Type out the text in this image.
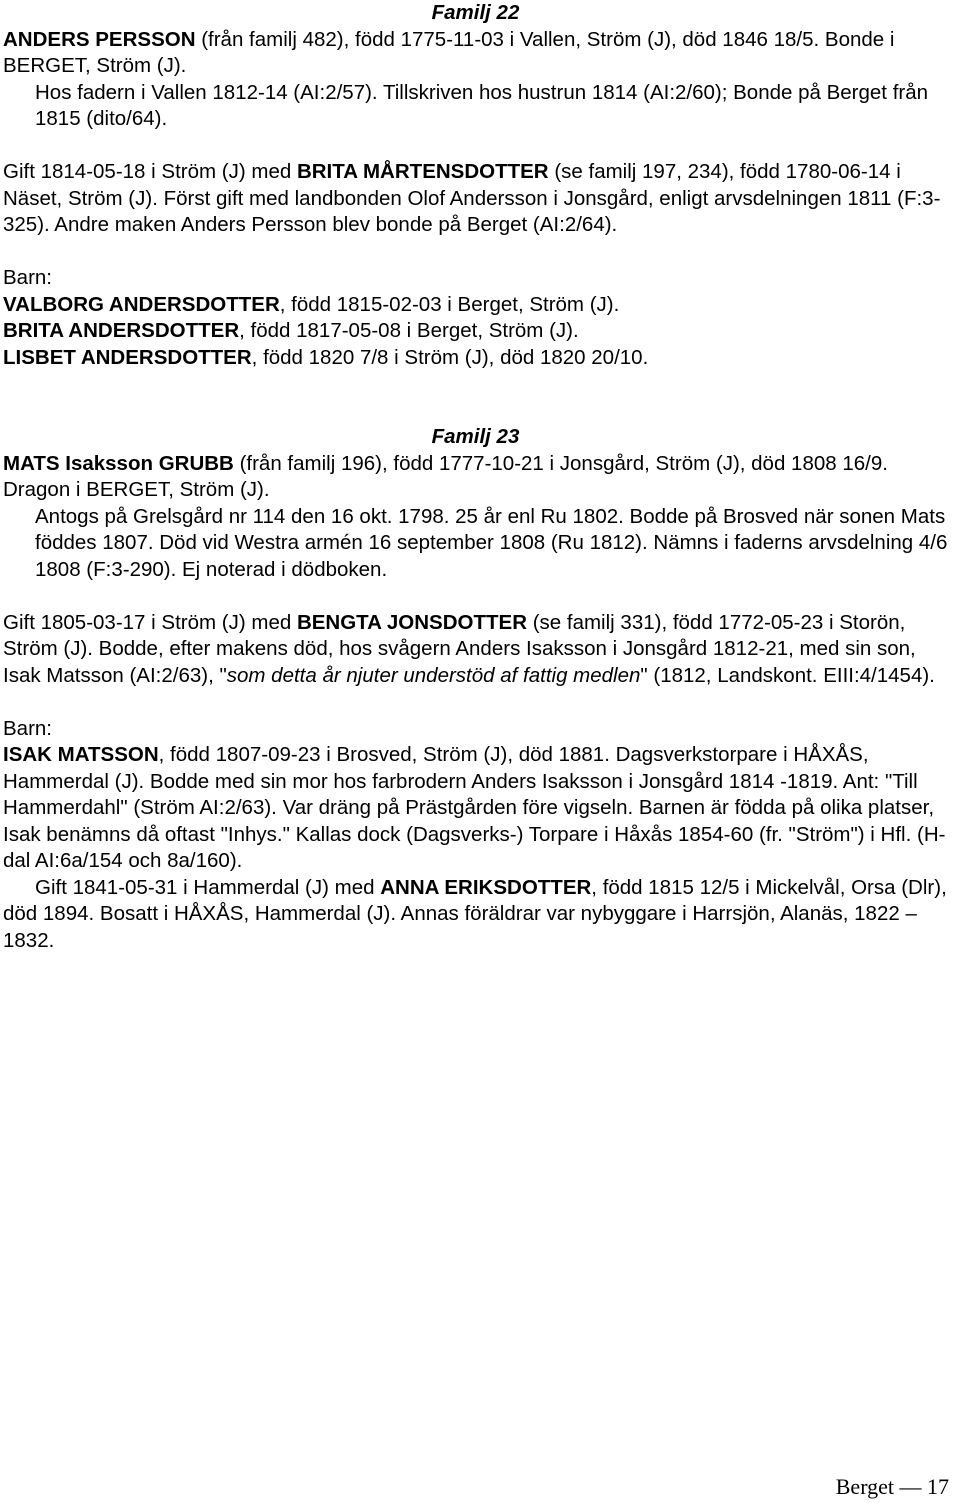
Familj 22

ANDERS PERSSON (från familj 482), född 1775-11-03 i Vallen, Ström (J), död 1846 18/5. Bonde i BERGET, Ström (J).

Hos fadern i Vallen 1812-14 (AI:2/57). Tillskriven hos hustrun 1814 (AI:2/60); Bonde på Berget från 1815 (dito/64).

Gift 1814-05-18 i Ström (J) med BRITA MÅRTENSDOTTER (se familj 197, 234), född 1780-06-14 i Näset, Ström (J). Först gift med landbonden Olof Andersson i Jonsgård, enligt arvsdelningen 1811 (F:3-325). Andre maken Anders Persson blev bonde på Berget (AI:2/64).

Barn:

VALBORG ANDERSDOTTER, född 1815-02-03 i Berget, Ström (J).

BRITA ANDERSDOTTER, född 1817-05-08 i Berget, Ström (J).

LISBET ANDERSDOTTER, född 1820 7/8 i Ström (J), död 1820 20/10.

Familj 23

MATS Isaksson GRUBB (från familj 196), född 1777-10-21 i Jonsgård, Ström (J), död 1808 16/9. Dragon i BERGET, Ström (J).

Antogs på Grelsgård nr 114 den 16 okt. 1798. 25 år enl Ru 1802. Bodde på Brosved när sonen Mats föddes 1807. Död vid Westra armén 16 september 1808 (Ru 1812). Nämns i faderns arvsdelning 4/6 1808 (F:3-290). Ej noterad i dödboken.

Gift 1805-03-17 i Ström (J) med BENGTA JONSDOTTER (se familj 331), född 1772-05-23 i Storön, Ström (J). Bodde, efter makens död, hos svågern Anders Isaksson i Jonsgård 1812-21, med sin son, Isak Matsson (AI:2/63), "som detta år njuter understöd af fattig medlen" (1812, Landskont. EIII:4/1454).

Barn:

ISAK MATSSON, född 1807-09-23 i Brosved, Ström (J), död 1881. Dagsverkstorpare i HÅXÅS, Hammerdal (J). Bodde med sin mor hos farbrodern Anders Isaksson i Jonsgård 1814 -1819. Ant: "Till Hammerdahl" (Ström AI:2/63). Var dräng på Prästgården före vigseln. Barnen är födda på olika platser, Isak benämns då oftast "Inhys." Kallas dock (Dagsverks-) Torpare i Håxås 1854-60 (fr. "Ström") i Hfl. (H-dal AI:6a/154 och 8a/160).

Gift 1841-05-31 i Hammerdal (J) med ANNA ERIKSDOTTER, född 1815 12/5 i Mickelvål, Orsa (Dlr), död 1894. Bosatt i HÅXÅS, Hammerdal (J). Annas föräldrar var nybyggare i Harrsjön, Alanäs, 1822 – 1832.

Berget — 17
